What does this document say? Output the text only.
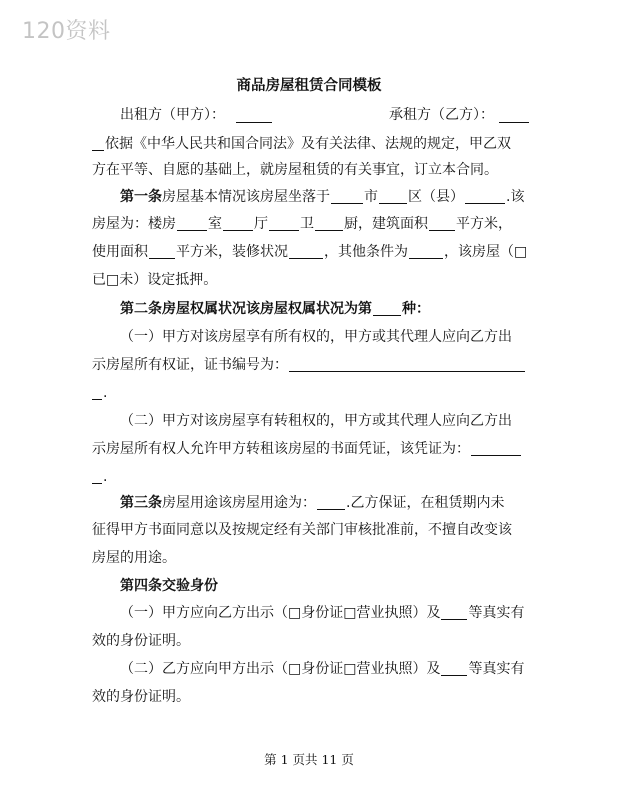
120资料
商品房屋租赁合同模板
出租方（甲方）：	承租方（乙方）：
依据《中华人民共和国合同法》及有关法律、法规的规定，甲乙双
方在平等、自愿的基础上，就房屋租赁的有关事宜，订立本合同。
第一条房屋基本情况该房屋坐落于 市 区（县）	.该
房屋为：楼房 室 厅 卫 厨，建筑面积 平方米，
使用面积 平方米，装修状况	，其他条件为	，该房屋（□
已□未）设定抵押。
第二条房屋权属状况该房屋权属状况为第 种：
（一）甲方对该房屋享有所有权的，甲方或其代理人应向乙方出
示房屋所有权证，证书编号为：
.
（二）甲方对该房屋享有转租权的，甲方或其代理人应向乙方出
示房屋所有权人允许甲方转租该房屋的书面凭证，该凭证为：
.
第三条房屋用途该房屋用途为： .乙方保证，在租赁期内未
征得甲方书面同意以及按规定经有关部门审核批准前，不擅自改变该
房屋的用途。
第四条交验身份
（一）甲方应向乙方出示（□身份证□营业执照）及 等真实有
效的身份证明。
（二）乙方应向甲方出示（□身份证□营业执照）及 等真实有
效的身份证明。
第 1 页共 11 页
